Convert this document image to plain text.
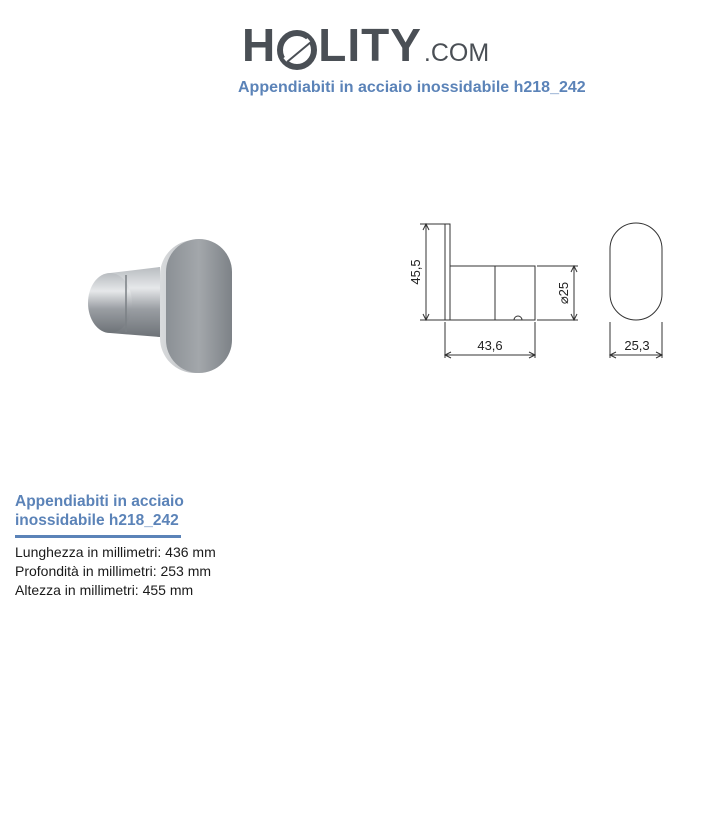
H LITY .COM
Appendiabiti in acciaio inossidabile h218_242
45,5
43,6
⌀25
25,3
Appendiabiti in acciaio
inossidabile h218_242
Lunghezza in millimetri: 436 mm
Profondità in millimetri: 253 mm
Altezza in millimetri: 455 mm
